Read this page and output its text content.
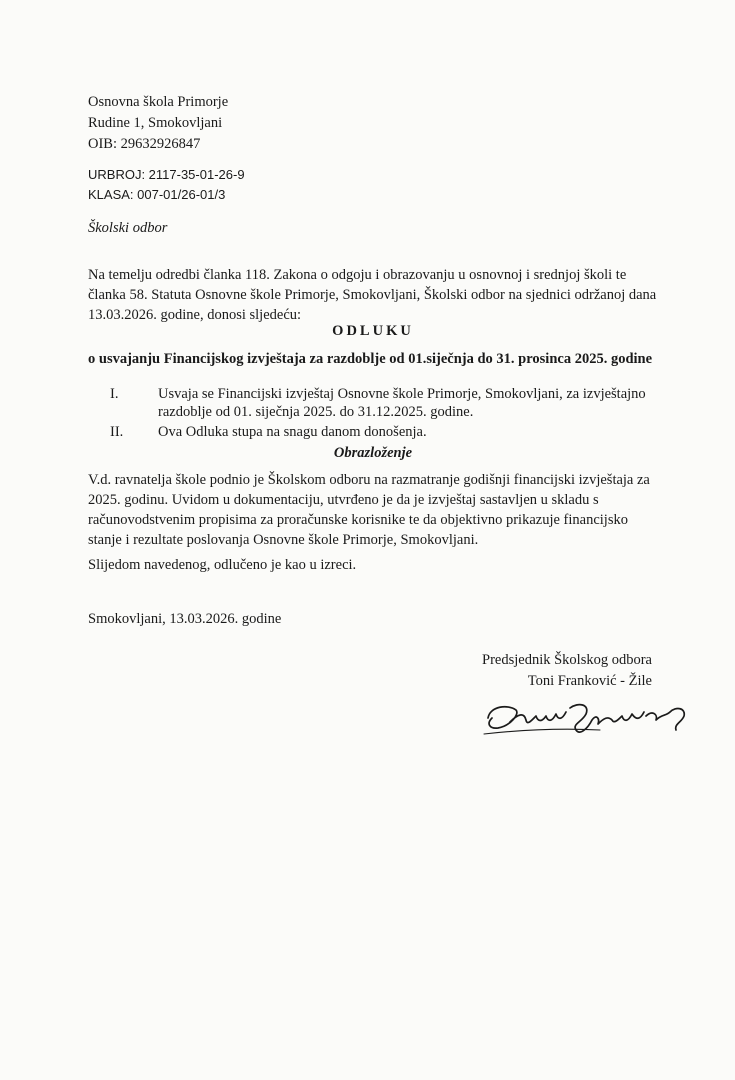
Osnovna škola Primorje
Rudine 1, Smokovljani
OIB: 29632926847
URBROJ: 2117-35-01-26-9
KLASA: 007-01/26-01/3
Školski odbor
Na temelju odredbi članka 118. Zakona o odgoju i obrazovanju u osnovnoj i srednjoj školi te članka 58. Statuta Osnovne škole Primorje, Smokovljani, Školski odbor na sjednici održanoj dana 13.03.2026. godine, donosi sljedeću:
ODLUKU
o usvajanju Financijskog izvještaja za razdoblje od 01.siječnja do 31. prosinca 2025. godine
I.	Usvaja se Financijski izvještaj Osnovne škole Primorje, Smokovljani, za izvještajno razdoblje od 01. siječnja 2025. do 31.12.2025. godine.
II.	Ova Odluka stupa na snagu danom donošenja.
Obrazloženje
V.d. ravnatelja škole podnio je Školskom odboru na razmatranje godišnji financijski izvještaja za 2025. godinu. Uvidom u dokumentaciju, utvrđeno je da je izvještaj sastavljen u skladu s računovodstvenim propisima za proračunske korisnike te da objektivno prikazuje financijsko stanje i rezultate poslovanja Osnovne škole Primorje, Smokovljani.
Slijedom navedenog, odlučeno je kao u izreci.
Smokovljani, 13.03.2026. godine
Predsjednik Školskog odbora
Toni Franković - Žile
